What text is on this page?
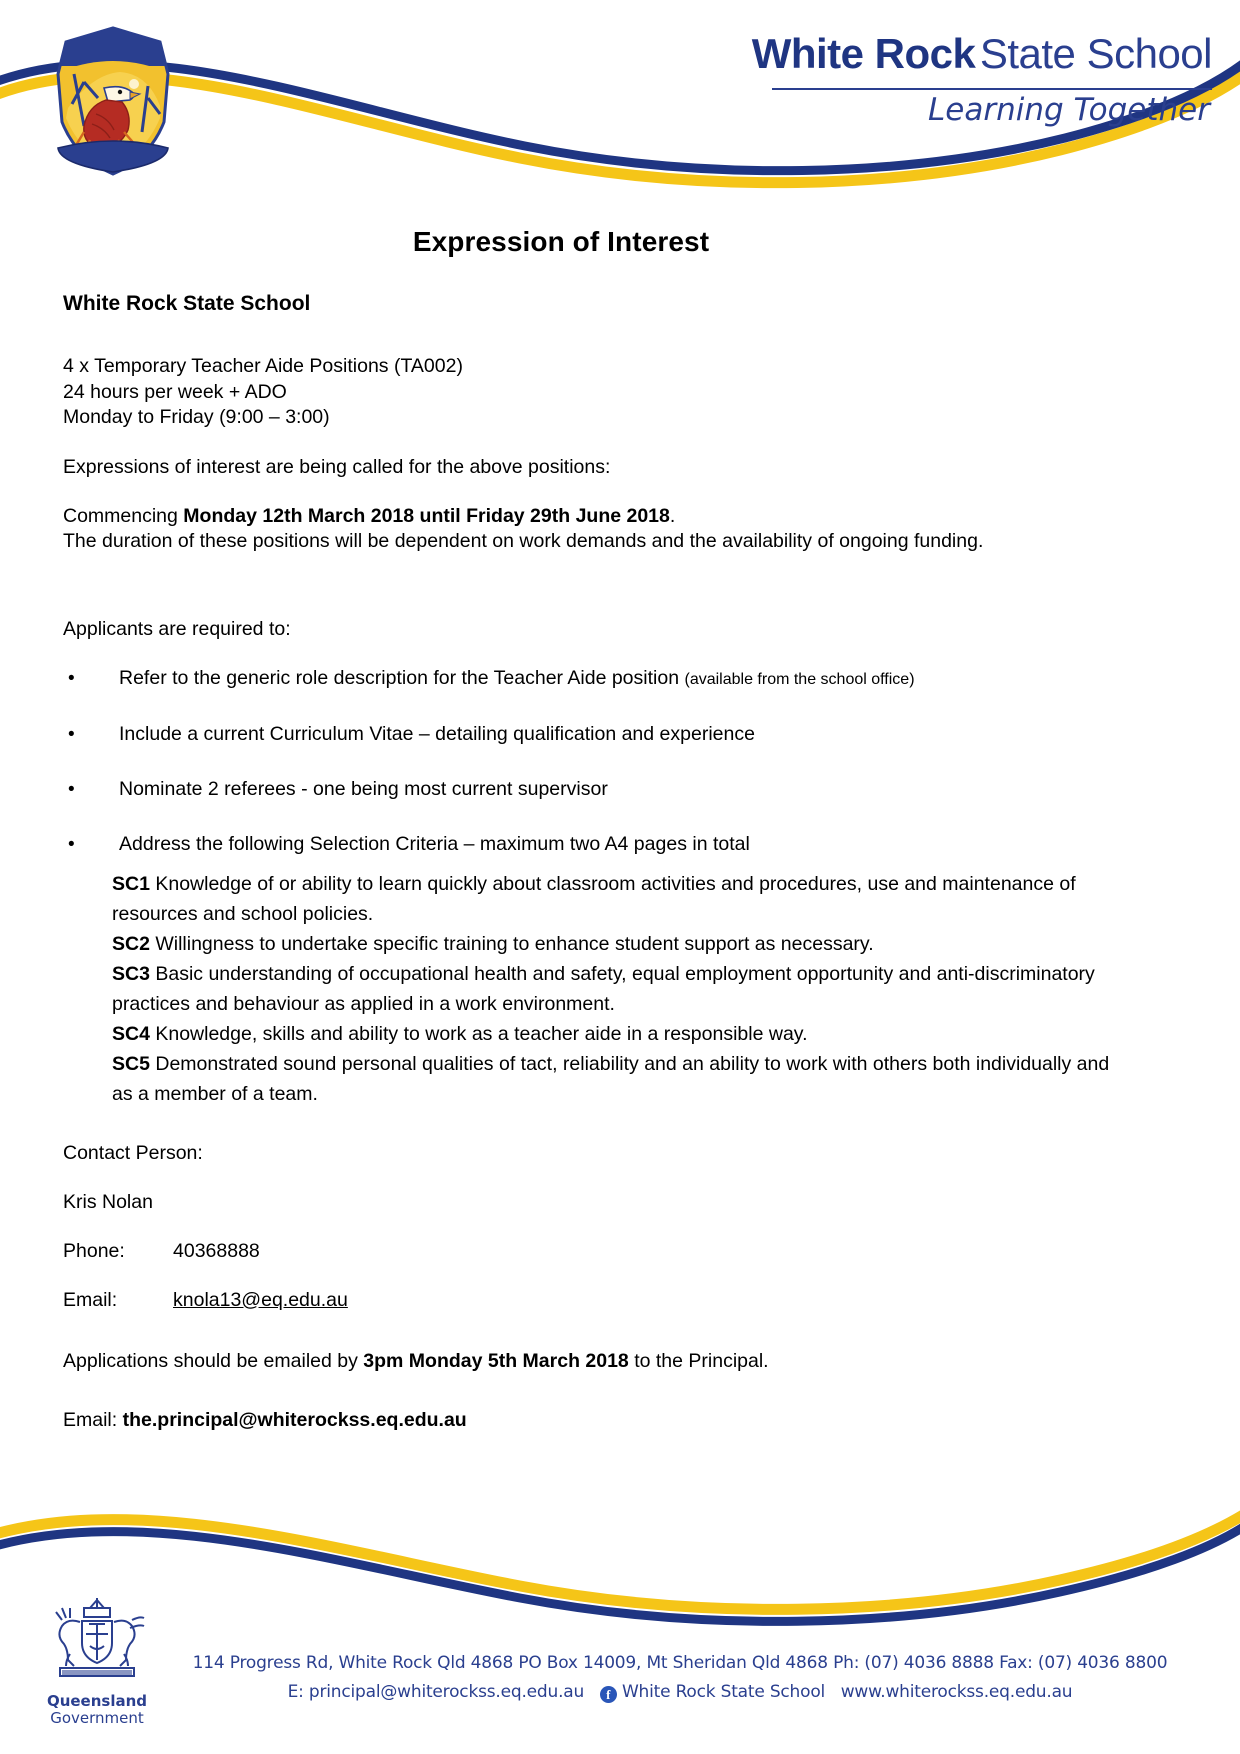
White Rock State School
Learning Together
Expression of Interest
White Rock State School

4 x Temporary Teacher Aide Positions (TA002)

24 hours per week + ADO

Monday to Friday (9:00 – 3:00)

Expressions of interest are being called for the above positions:

Commencing Monday 12th March 2018 until Friday 29th June 2018.

The duration of these positions will be dependent on work demands and the availability of ongoing funding.

Applicants are required to:

• Refer to the generic role description for the Teacher Aide position (available from the school office)
• Include a current Curriculum Vitae – detailing qualification and experience
• Nominate 2 referees - one being most current supervisor
• Address the following Selection Criteria – maximum two A4 pages in total

SC1 Knowledge of or ability to learn quickly about classroom activities and procedures, use and maintenance of resources and school policies.

SC2 Willingness to undertake specific training to enhance student support as necessary.

SC3 Basic understanding of occupational health and safety, equal employment opportunity and anti-discriminatory practices and behaviour as applied in a work environment.

SC4 Knowledge, skills and ability to work as a teacher aide in a responsible way.

SC5 Demonstrated sound personal qualities of tact, reliability and an ability to work with others both individually and as a member of a team.

Contact Person:

Kris Nolan

Phone: 40368888

Email:	knola13@eq.edu.au

Applications should be emailed by 3pm Monday 5th March 2018 to the Principal.

Email: the.principal@whiterockss.eq.edu.au

Queensland
Government
114 Progress Rd, White Rock Qld 4868 PO Box 14009, Mt Sheridan Qld 4868 Ph: (07) 4036 8888 Fax: (07) 4036 8800
E: principal@whiterockss.eq.edu.au f White Rock State School www.whiterockss.eq.edu.au
